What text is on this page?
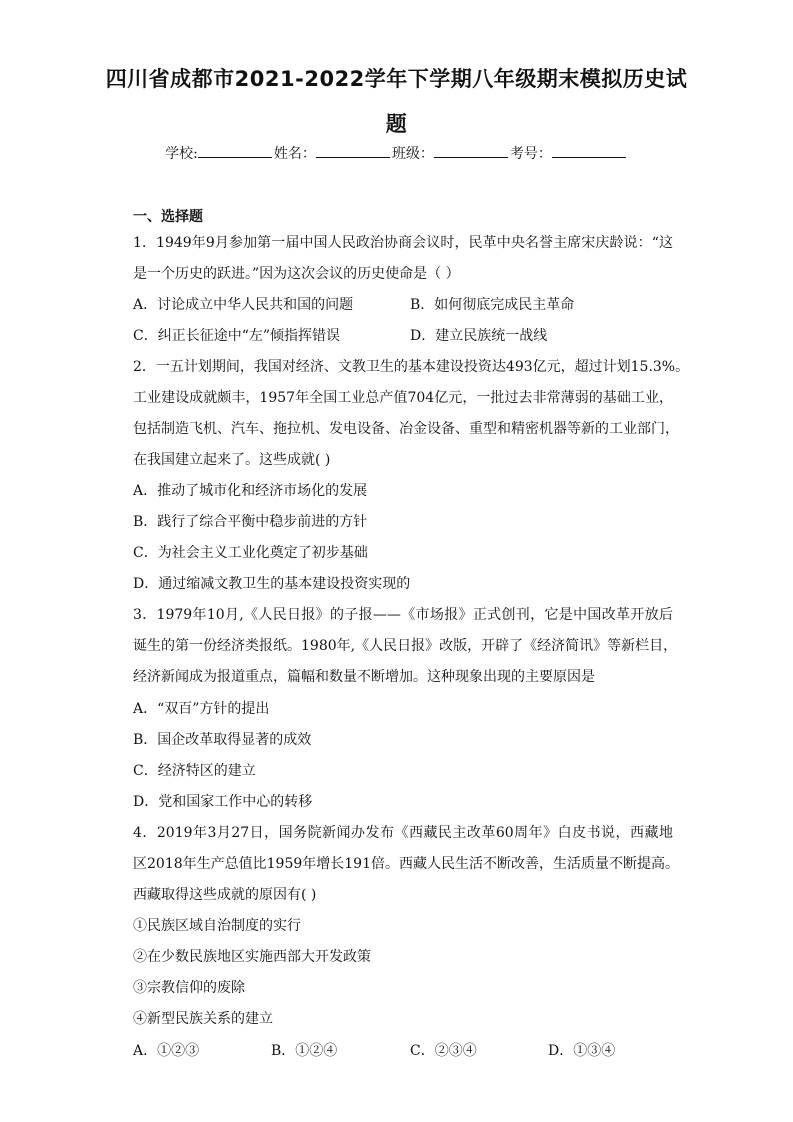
四川省成都市2021-2022学年下学期八年级期末模拟历史试
题
学校:	姓名：	班级：	考号：
一、选择题
1．1949年9月参加第一届中国人民政治协商会议时，民革中央名誉主席宋庆龄说：“这
是一个历史的跃进。”因为这次会议的历史使命是（ ）
A．讨论成立中华人民共和国的问题	B．如何彻底完成民主革命
C．纠正长征途中“左”倾指挥错误	D．建立民族统一战线
2．一五计划期间，我国对经济、文教卫生的基本建设投资达493亿元，超过计划15.3%。
工业建设成就颇丰，1957年全国工业总产值704亿元，一批过去非常薄弱的基础工业，
包括制造飞机、汽车、拖拉机、发电设备、冶金设备、重型和精密机器等新的工业部门，
在我国建立起来了。这些成就( )
A．推动了城市化和经济市场化的发展
B．践行了综合平衡中稳步前进的方针
C．为社会主义工业化奠定了初步基础
D．通过缩减文教卫生的基本建设投资实现的
3．1979年10月,《人民日报》的子报——《市场报》正式创刊，它是中国改革开放后
诞生的第一份经济类报纸。1980年,《人民日报》改版，开辟了《经济简讯》等新栏目，
经济新闻成为报道重点，篇幅和数量不断增加。这种现象出现的主要原因是
A．“双百”方针的提出
B．国企改革取得显著的成效
C．经济特区的建立
D．党和国家工作中心的转移
4．2019年3月27日，国务院新闻办发布《西藏民主改革60周年》白皮书说，西藏地
区2018年生产总值比1959年增长191倍。西藏人民生活不断改善，生活质量不断提高。
西藏取得这些成就的原因有( )
①民族区域自治制度的实行
②在少数民族地区实施西部大开发政策
③宗教信仰的废除
④新型民族关系的建立
A．①②③	B．①②④	C．②③④	D．①③④
